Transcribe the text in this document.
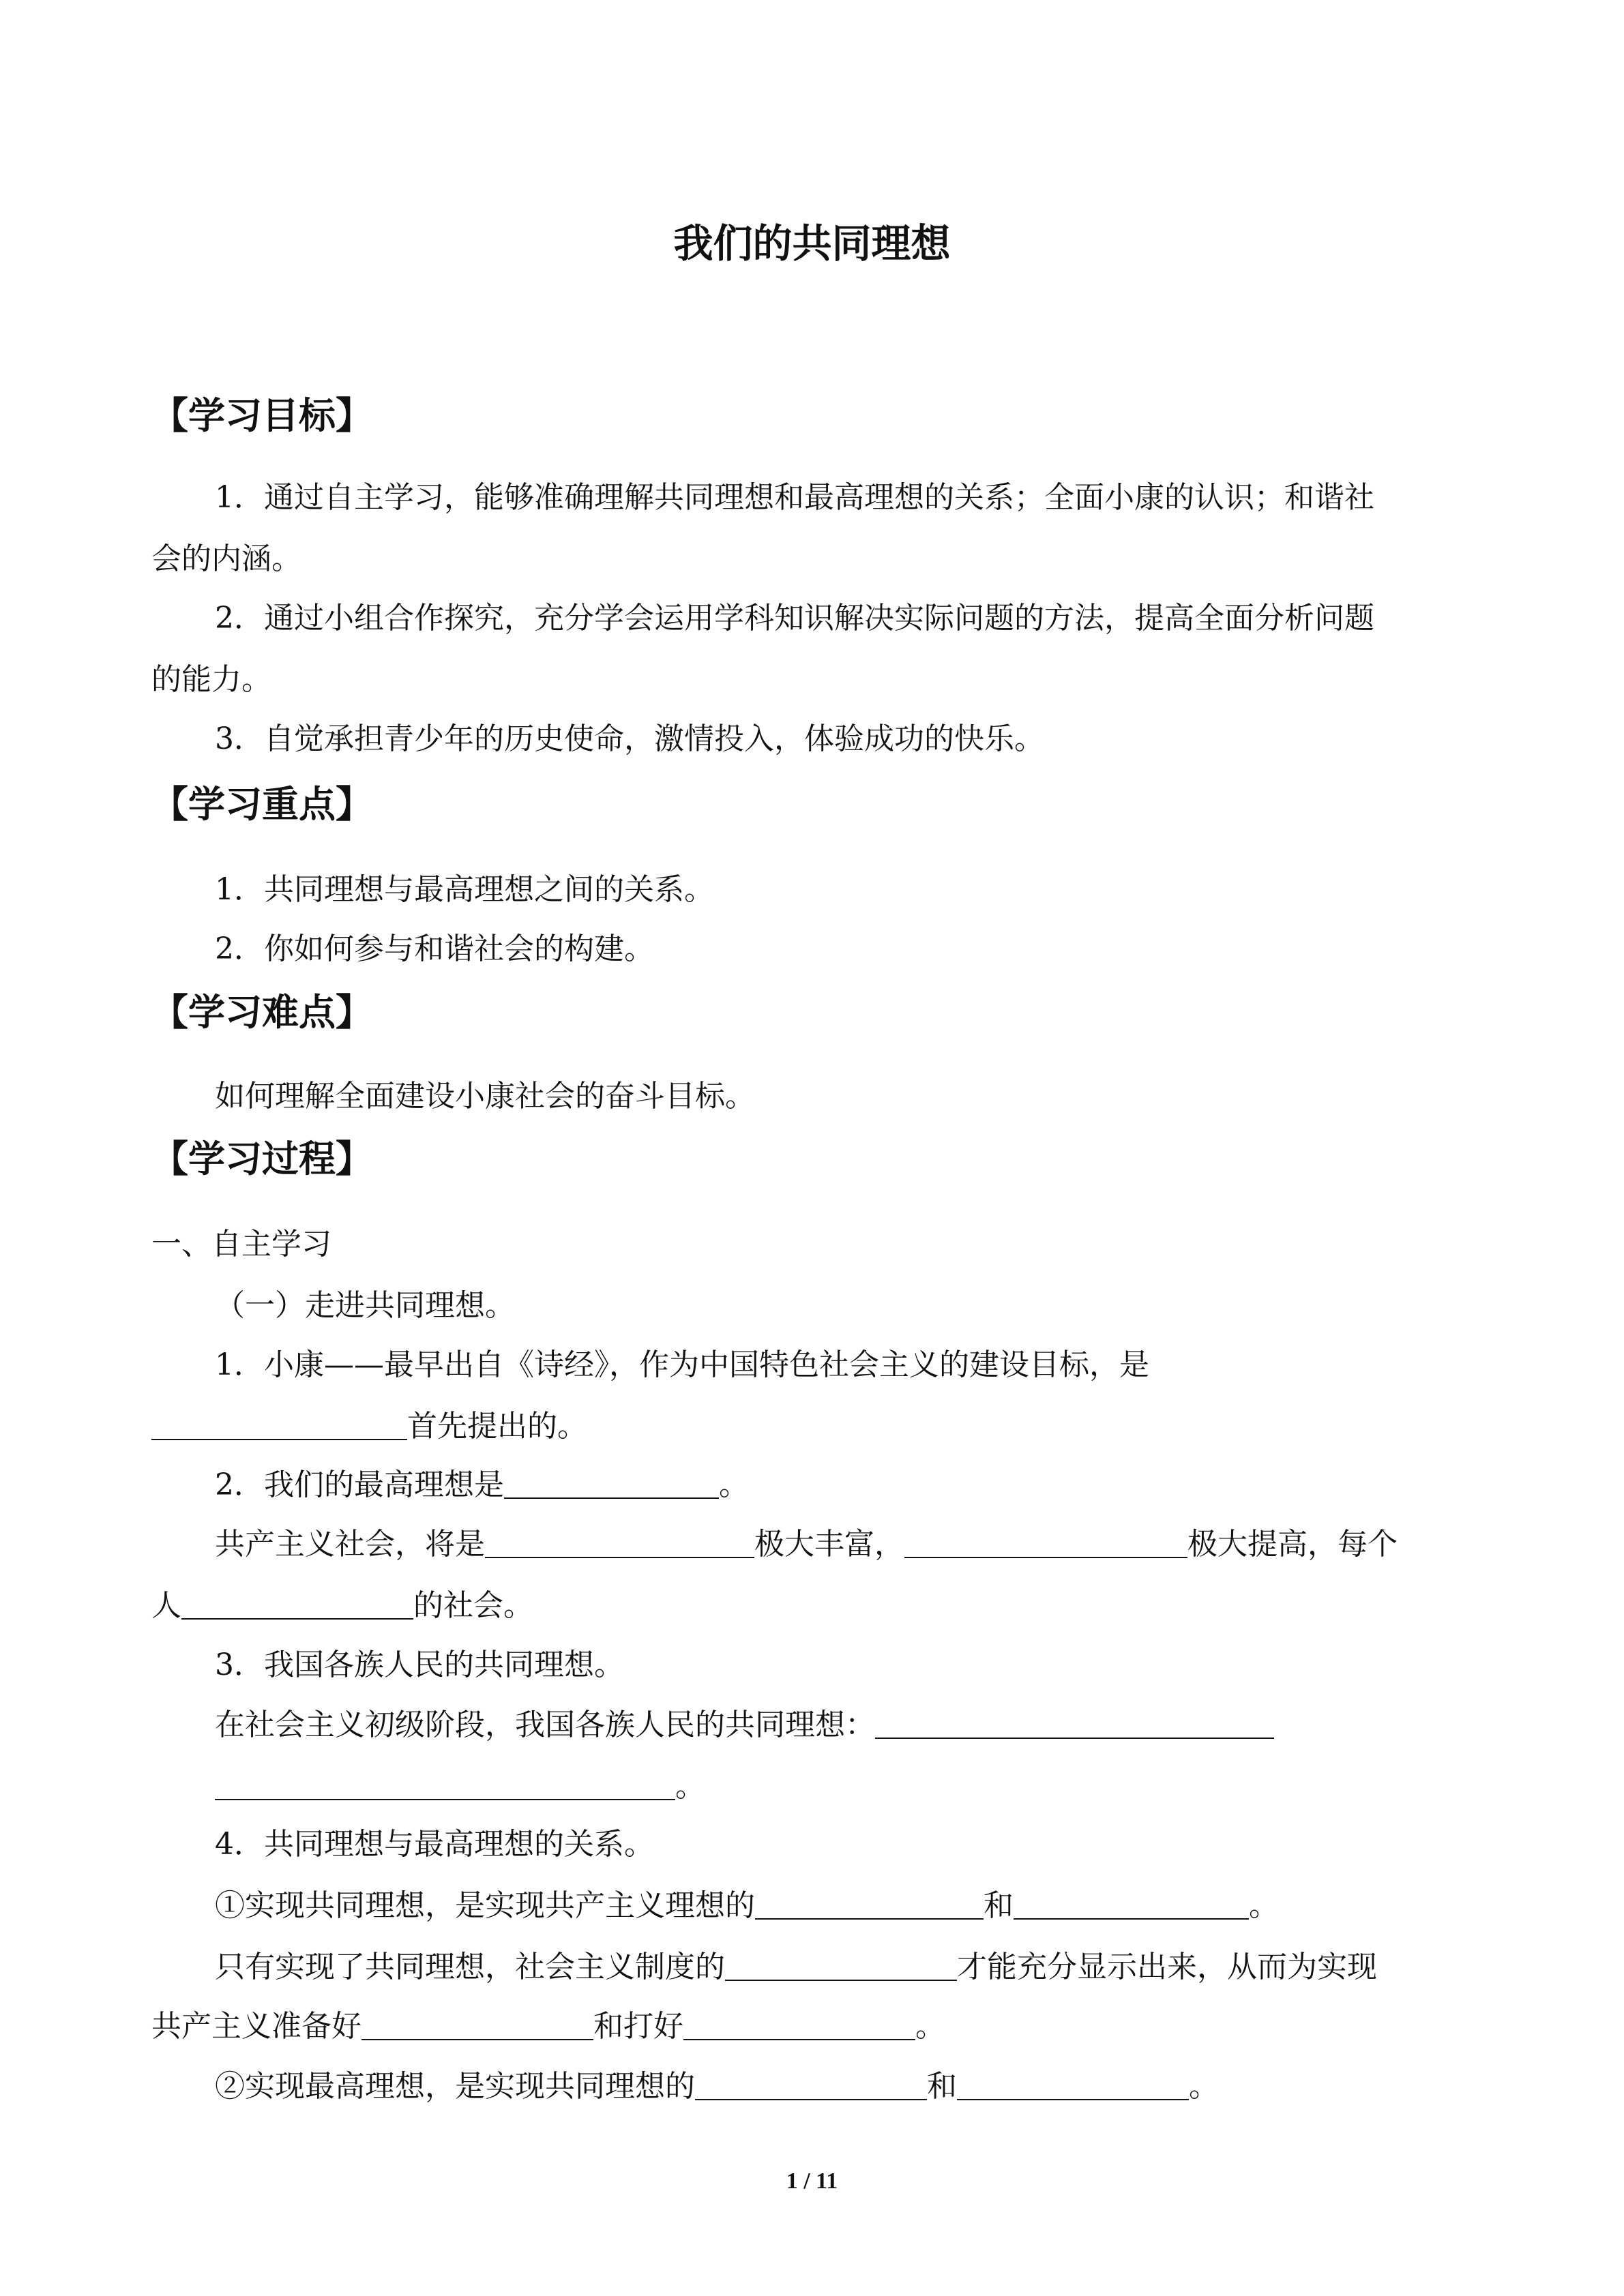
我们的共同理想
【学习目标】
1．通过自主学习，能够准确理解共同理想和最高理想的关系；全面小康的认识；和谐社
会的内涵。
2．通过小组合作探究，充分学会运用学科知识解决实际问题的方法，提高全面分析问题
的能力。
3．自觉承担青少年的历史使命，激情投入，体验成功的快乐。
【学习重点】
1．共同理想与最高理想之间的关系。
2．你如何参与和谐社会的构建。
【学习难点】
如何理解全面建设小康社会的奋斗目标。
【学习过程】
一、自主学习
（一）走进共同理想。
1．小康——最早出自《诗经》，作为中国特色社会主义的建设目标，是
首先提出的。
2．我们的最高理想是	。
共产主义社会，将是	极大丰富，	极大提高，每个
人	的社会。
3．我国各族人民的共同理想。
在社会主义初级阶段，我国各族人民的共同理想：
。
4．共同理想与最高理想的关系。
①实现共同理想，是实现共产主义理想的	和	。
只有实现了共同理想，社会主义制度的	才能充分显示出来，从而为实现
共产主义准备好	和打好	。
②实现最高理想，是实现共同理想的	和	。
1 / 11
